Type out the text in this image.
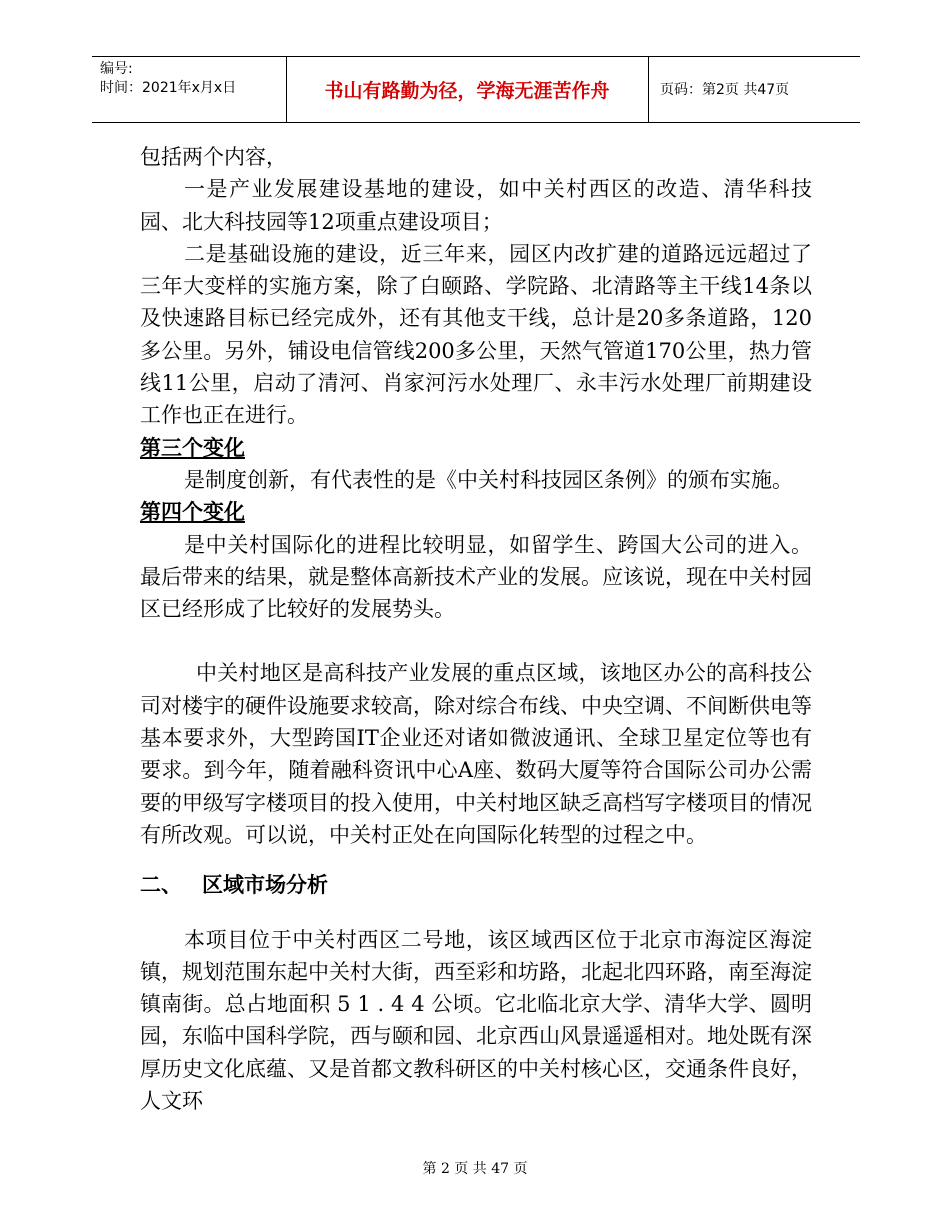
编号:
时间：2021年x月x日	书山有路勤为径，学海无涯苦作舟	页码：第2页 共47页

包括两个内容，

一是产业发展建设基地的建设，如中关村西区的改造、清华科技园、北大科技园等12项重点建设项目；

二是基础设施的建设，近三年来，园区内改扩建的道路远远超过了三年大变样的实施方案，除了白颐路、学院路、北清路等主干线14条以及快速路目标已经完成外，还有其他支干线，总计是20多条道路，120多公里。另外，铺设电信管线200多公里，天然气管道170公里，热力管线11公里，启动了清河、肖家河污水处理厂、永丰污水处理厂前期建设工作也正在进行。

第三个变化

是制度创新，有代表性的是《中关村科技园区条例》的颁布实施。

第四个变化

是中关村国际化的进程比较明显，如留学生、跨国大公司的进入。最后带来的结果，就是整体高新技术产业的发展。应该说，现在中关村园区已经形成了比较好的发展势头。

中关村地区是高科技产业发展的重点区域，该地区办公的高科技公司对楼宇的硬件设施要求较高，除对综合布线、中央空调、不间断供电等基本要求外，大型跨国IT企业还对诸如微波通讯、全球卫星定位等也有要求。到今年，随着融科资讯中心A座、数码大厦等符合国际公司办公需要的甲级写字楼项目的投入使用，中关村地区缺乏高档写字楼项目的情况有所改观。可以说，中关村正处在向国际化转型的过程之中。

二、 区域市场分析

本项目位于中关村西区二号地，该区域西区位于北京市海淀区海淀镇，规划范围东起中关村大街，西至彩和坊路，北起北四环路，南至海淀镇南街。总占地面积 5 1 . 4 4 公顷。它北临北京大学、清华大学、圆明园，东临中国科学院，西与颐和园、北京西山风景遥遥相对。地处既有深厚历史文化底蕴、又是首都文教科研区的中关村核心区，交通条件良好，人文环

第 2 页 共 47 页
